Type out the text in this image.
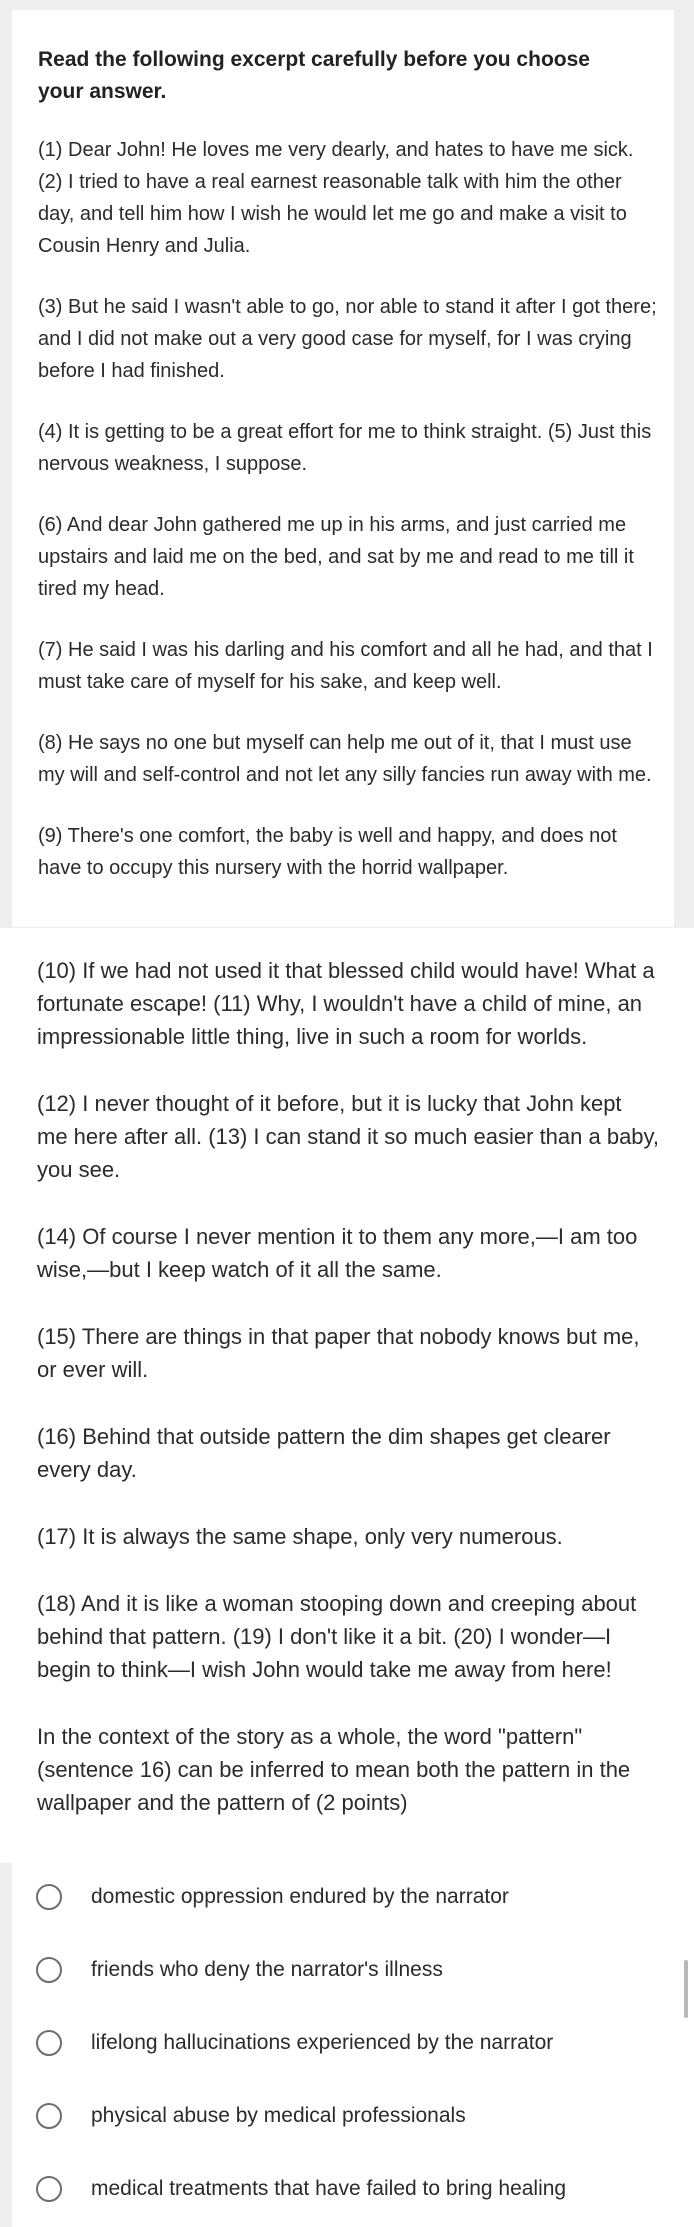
Read the following excerpt carefully before you choose your answer.

(1) Dear John! He loves me very dearly, and hates to have me sick. (2) I tried to have a real earnest reasonable talk with him the other day, and tell him how I wish he would let me go and make a visit to Cousin Henry and Julia.

(3) But he said I wasn't able to go, nor able to stand it after I got there; and I did not make out a very good case for myself, for I was crying before I had finished.

(4) It is getting to be a great effort for me to think straight. (5) Just this nervous weakness, I suppose.

(6) And dear John gathered me up in his arms, and just carried me upstairs and laid me on the bed, and sat by me and read to me till it tired my head.

(7) He said I was his darling and his comfort and all he had, and that I must take care of myself for his sake, and keep well.

(8) He says no one but myself can help me out of it, that I must use my will and self-control and not let any silly fancies run away with me.

(9) There's one comfort, the baby is well and happy, and does not have to occupy this nursery with the horrid wallpaper.

(10) If we had not used it that blessed child would have! What a
fortunate escape! (11) Why, I wouldn't have a child of mine, an
impressionable little thing, live in such a room for worlds.
(12) I never thought of it before, but it is lucky that John kept
me here after all. (13) I can stand it so much easier than a baby,
you see.
(14) Of course I never mention it to them any more,—I am too
wise,—but I keep watch of it all the same.
(15) There are things in that paper that nobody knows but me,
or ever will.
(16) Behind that outside pattern the dim shapes get clearer
every day.
(17) It is always the same shape, only very numerous.
(18) And it is like a woman stooping down and creeping about
behind that pattern. (19) I don't like it a bit. (20) I wonder—I
begin to think—I wish John would take me away from here!
In the context of the story as a whole, the word "pattern" (sentence 16) can be inferred to mean both the pattern in the wallpaper and the pattern of (2 points)
domestic oppression endured by the narrator
friends who deny the narrator's illness
lifelong hallucinations experienced by the narrator
physical abuse by medical professionals
medical treatments that have failed to bring healing
